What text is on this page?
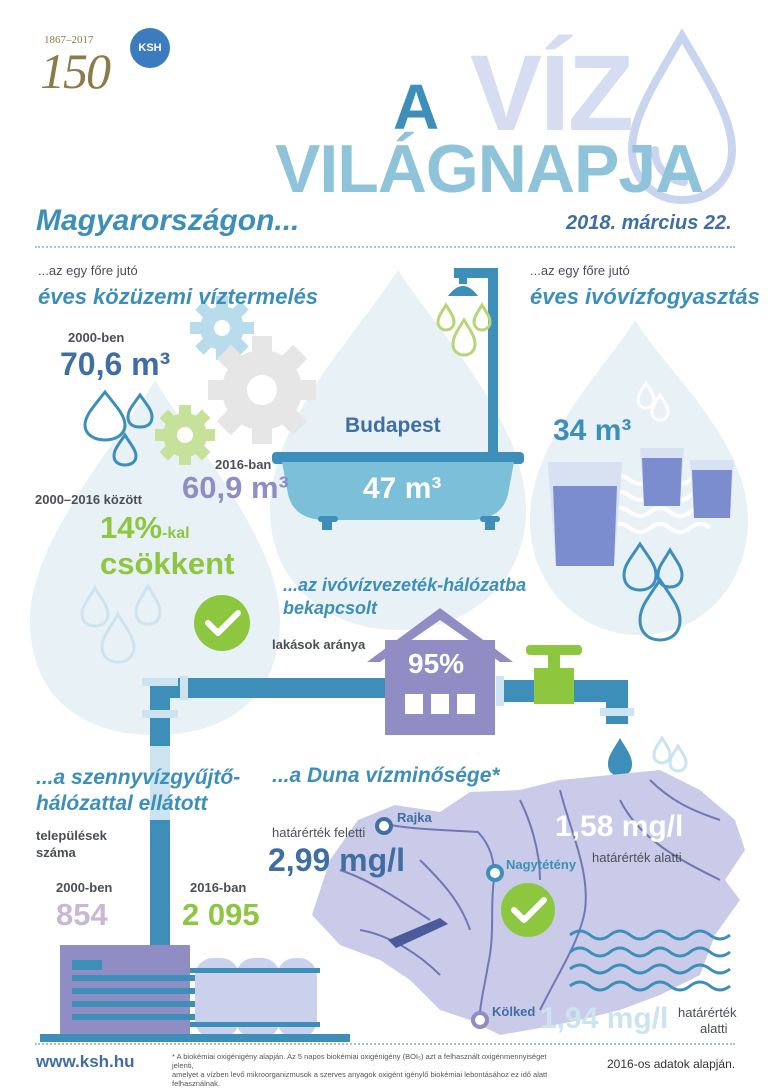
1867–2017
150	KSH
A VÍZ
VILÁGNAPJA
Magyarországon...	2018. március 22.
...az egy főre jutó
éves közüzemi víztermelés
2000-ben
70,6 m³
2016-ban
60,9 m³
2000–2016 között
14%-kal
csökkent
...az egy főre jutó
éves ivóvízfogyasztás
Budapest
47 m³
34 m³
...az ivóvízvezeték-hálózatba
bekapcsolt
lakások aránya
95%
...a szennyvízgyűjtő-
hálózattal ellátott
települések
száma
2000-ben
854
2016-ban
2 095
...a Duna vízminősége*
Rajka
határérték feletti
2,99 mg/l	Nagytétény
1,58 mg/l
határérték alatti
Kölked 1,94 mg/l határérték
alatti
www.ksh.hu	* A biokémiai oxigénigény alapján. Az 5 napos biokémiai oxigénigény (BOI₅) azt a felhasznált oxigénmennyiséget jelenti,
amelyet a vízben levő mikroorganizmusok a szerves anyagok oxigént igénylő biokémiai lebontásához ez idő alatt felhasználnak.
2016-os adatok alapján.
